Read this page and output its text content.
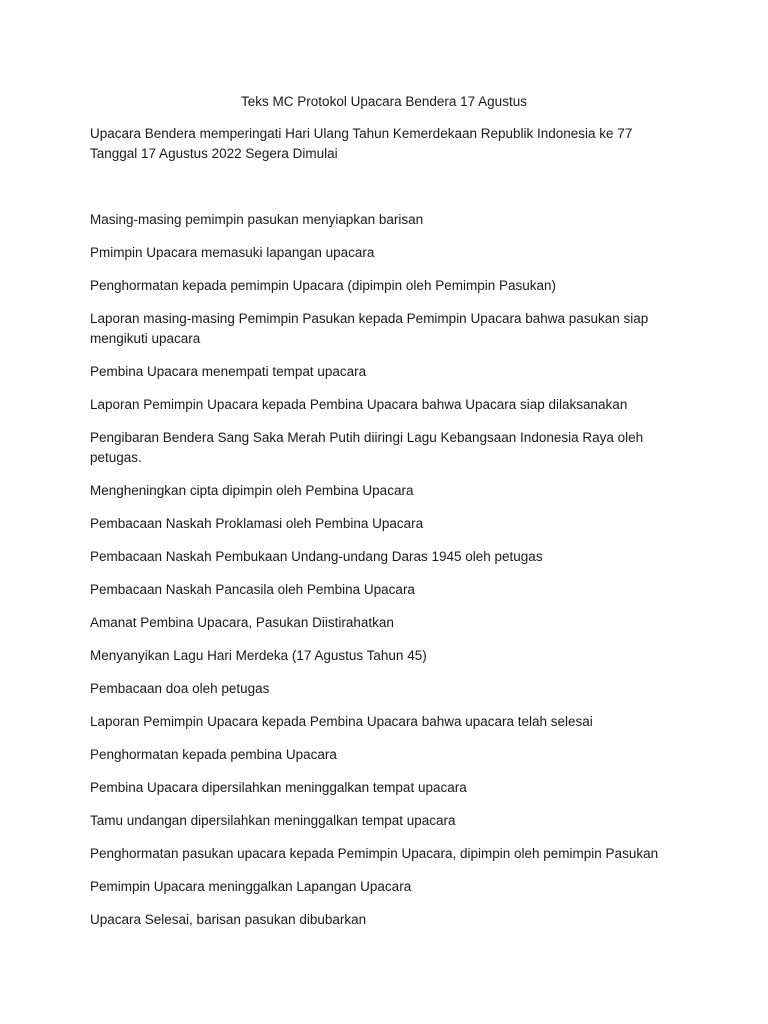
Teks MC Protokol Upacara Bendera 17 Agustus
Upacara Bendera memperingati Hari Ulang Tahun Kemerdekaan Republik Indonesia ke 77 Tanggal 17 Agustus 2022 Segera Dimulai
Masing-masing pemimpin pasukan menyiapkan barisan
Pmimpin Upacara memasuki lapangan upacara
Penghormatan kepada pemimpin Upacara (dipimpin oleh Pemimpin Pasukan)
Laporan masing-masing Pemimpin Pasukan kepada Pemimpin Upacara bahwa pasukan siap mengikuti upacara
Pembina Upacara menempati tempat upacara
Laporan Pemimpin Upacara kepada Pembina Upacara bahwa Upacara siap dilaksanakan
Pengibaran Bendera Sang Saka Merah Putih diiringi Lagu Kebangsaan Indonesia Raya oleh petugas.
Mengheningkan cipta dipimpin oleh Pembina Upacara
Pembacaan Naskah Proklamasi oleh Pembina Upacara
Pembacaan Naskah Pembukaan Undang-undang Daras 1945 oleh petugas
Pembacaan Naskah Pancasila oleh Pembina Upacara
Amanat Pembina Upacara, Pasukan Diistirahatkan
Menyanyikan Lagu Hari Merdeka (17 Agustus Tahun 45)
Pembacaan doa oleh petugas
Laporan Pemimpin Upacara kepada Pembina Upacara bahwa upacara telah selesai
Penghormatan kepada pembina Upacara
Pembina Upacara dipersilahkan meninggalkan tempat upacara
Tamu undangan dipersilahkan meninggalkan tempat upacara
Penghormatan pasukan upacara kepada Pemimpin Upacara, dipimpin oleh pemimpin Pasukan
Pemimpin Upacara meninggalkan Lapangan Upacara
Upacara Selesai, barisan pasukan dibubarkan
